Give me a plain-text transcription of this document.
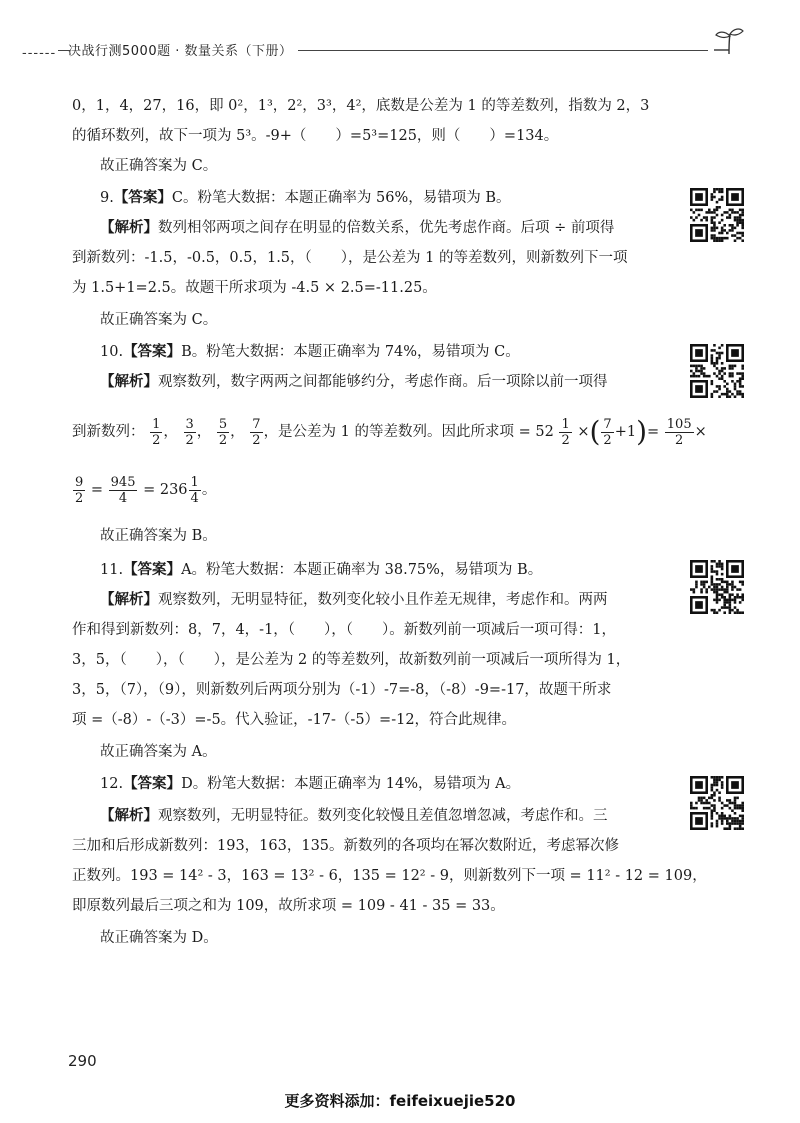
------ 决战行测5000题 · 数量关系（下册）
0，1，4，27，16，即 0²，1³，2²，3³，4²，底数是公差为 1 的等差数列，指数为 2，3
的循环数列，故下一项为 5³。-9+（　　）=5³=125，则（　　）=134。
故正确答案为 C。
9.【答案】C。粉笔大数据：本题正确率为 56%，易错项为 B。
【解析】数列相邻两项之间存在明显的倍数关系，优先考虑作商。后项 ÷ 前项得
到新数列：-1.5，-0.5，0.5，1.5，（　　），是公差为 1 的等差数列，则新数列下一项
为 1.5+1=2.5。故题干所求项为 -4.5 × 2.5=-11.25。
故正确答案为 C。
10.【答案】B。粉笔大数据：本题正确率为 74%，易错项为 C。
【解析】观察数列，数字两两之间都能够约分，考虑作商。后一项除以前一项得
到新数列： $\frac{1}{2}$ ， $\frac{3}{2}$ ， $\frac{5}{2}$ ， $\frac{7}{2}$ ，是公差为 1 的等差数列。因此所求项 = $52 \frac{1}{2}$ ×( $\frac{7}{2} +1)= \frac{105}{2}$ ×
$\frac{9}{2} = \frac{945}{4} = 236 \frac{1}{4}$ 。
故正确答案为 B。
11.【答案】A。粉笔大数据：本题正确率为 38.75%，易错项为 B。
【解析】观察数列，无明显特征，数列变化较小且作差无规律，考虑作和。两两
作和得到新数列：8，7，4，-1，（　　），（　　）。新数列前一项减后一项可得：1，
3，5，（　　），（　　），是公差为 2 的等差数列，故新数列前一项减后一项所得为 1，
3，5，（7），（9），则新数列后两项分别为（-1）-7=-8，（-8）-9=-17，故题干所求
项 =（-8）-（-3）=-5。代入验证，-17-（-5）=-12，符合此规律。
故正确答案为 A。
12.【答案】D。粉笔大数据：本题正确率为 14%，易错项为 A。
【解析】观察数列，无明显特征。数列变化较慢且差值忽增忽减，考虑作和。三
三加和后形成新数列：193，163，135。新数列的各项均在幂次数附近，考虑幂次修
正数列。193 = 14² - 3，163 = 13² - 6，135 = 12² - 9，则新数列下一项 = 11² - 12 = 109，
即原数列最后三项之和为 109，故所求项 = 109 - 41 - 35 = 33。
故正确答案为 D。
290
更多资料添加：feifeixuejie520
